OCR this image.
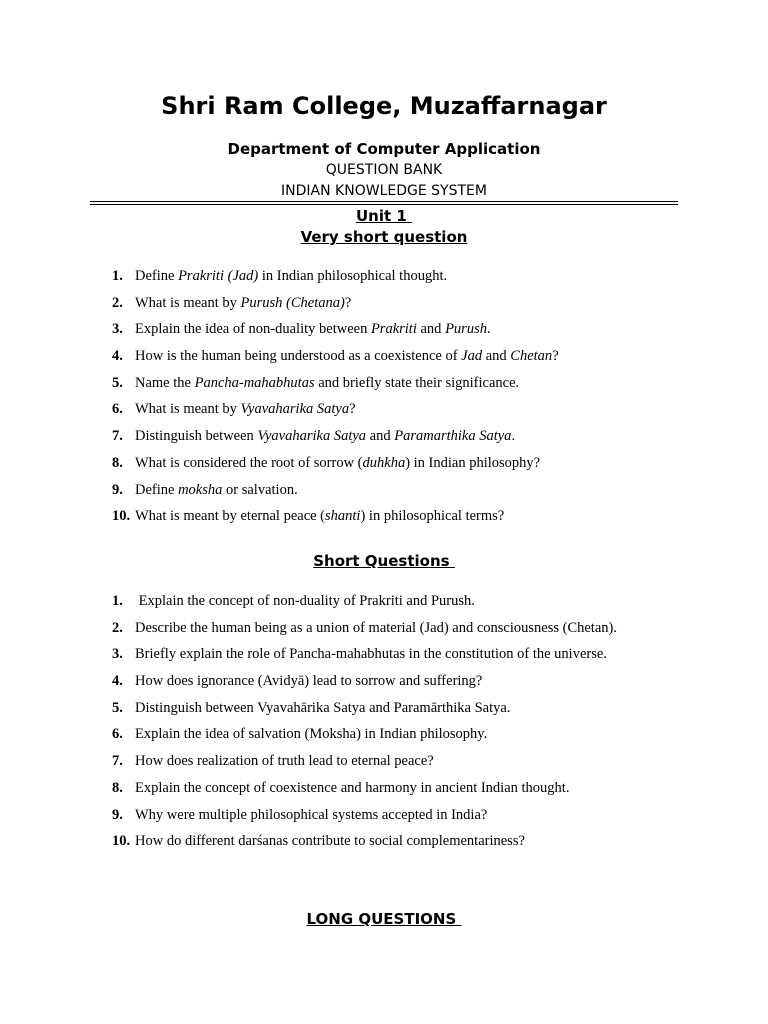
Shri Ram College, Muzaffarnagar
Department of Computer Application
QUESTION BANK
INDIAN KNOWLEDGE SYSTEM
Unit 1
Very short question
1. Define Prakriti (Jad) in Indian philosophical thought.
2. What is meant by Purush (Chetana)?
3. Explain the idea of non-duality between Prakriti and Purush.
4. How is the human being understood as a coexistence of Jad and Chetan?
5. Name the Pancha-mahabhutas and briefly state their significance.
6. What is meant by Vyavaharika Satya?
7. Distinguish between Vyavaharika Satya and Paramarthika Satya.
8. What is considered the root of sorrow (duhkha) in Indian philosophy?
9. Define moksha or salvation.
10. What is meant by eternal peace (shanti) in philosophical terms?
Short Questions
1. Explain the concept of non-duality of Prakriti and Purush.
2. Describe the human being as a union of material (Jad) and consciousness (Chetan).
3. Briefly explain the role of Pancha-mahabhutas in the constitution of the universe.
4. How does ignorance (Avidyā) lead to sorrow and suffering?
5. Distinguish between Vyavahārika Satya and Paramārthika Satya.
6. Explain the idea of salvation (Moksha) in Indian philosophy.
7. How does realization of truth lead to eternal peace?
8. Explain the concept of coexistence and harmony in ancient Indian thought.
9. Why were multiple philosophical systems accepted in India?
10. How do different darśanas contribute to social complementariness?
LONG QUESTIONS
